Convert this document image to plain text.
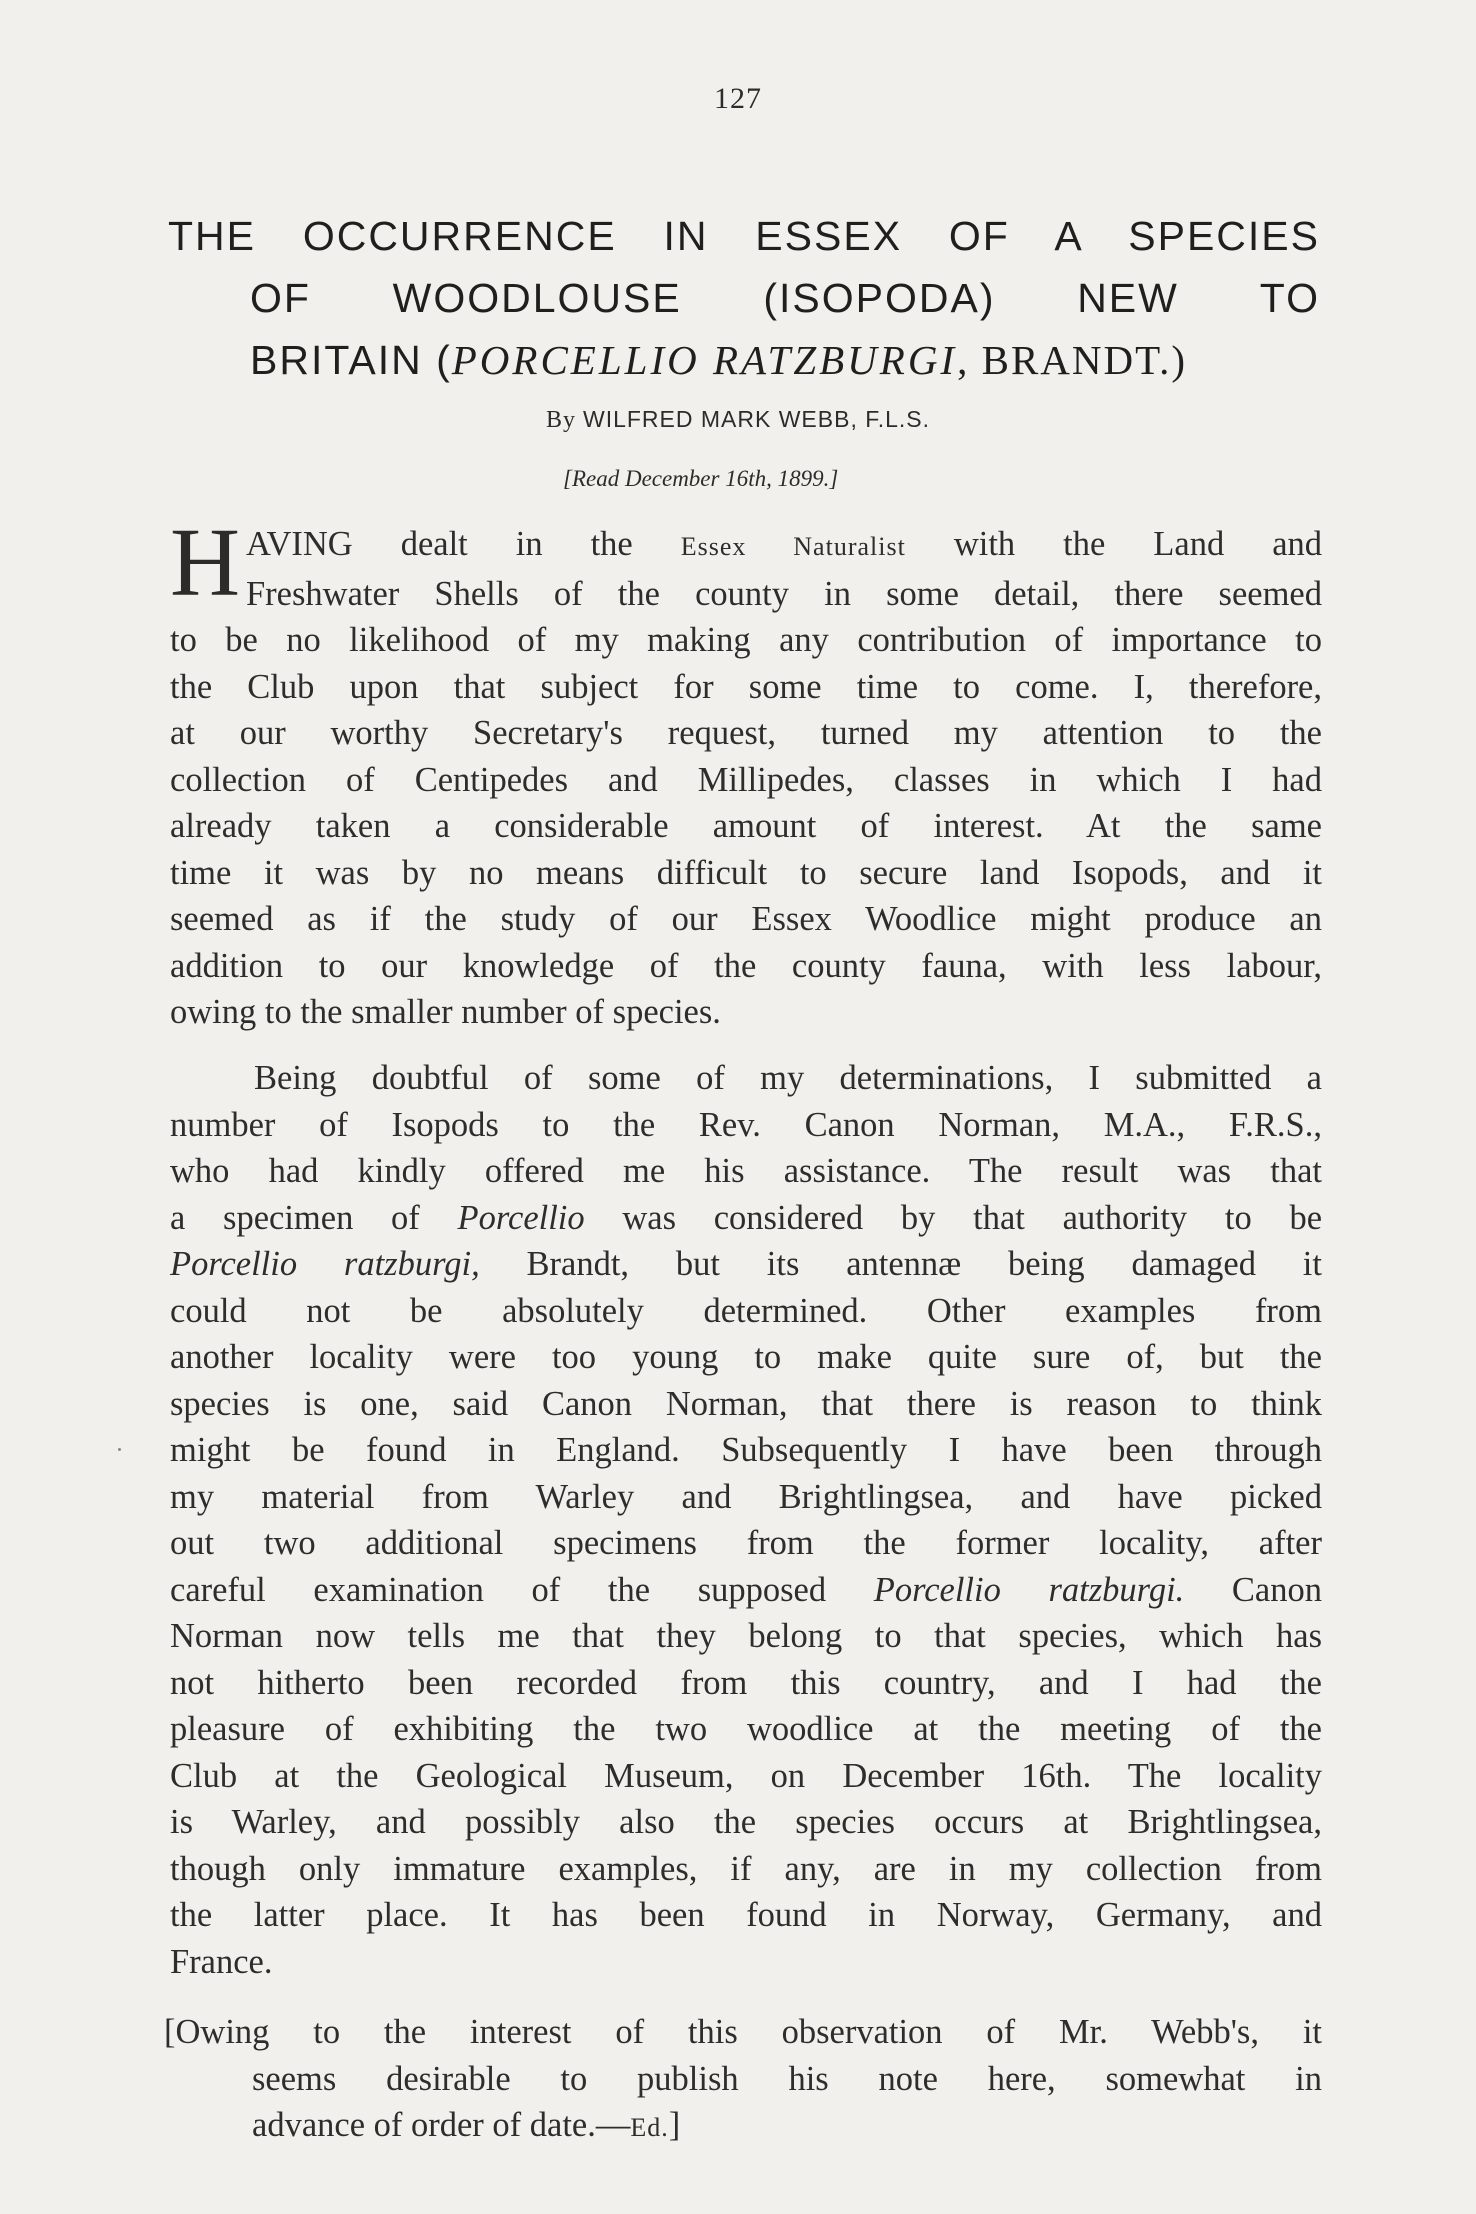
127
THE OCCURRENCE IN ESSEX OF A SPECIES
OF WOODLOUSE (ISOPODA) NEW TO
BRITAIN (PORCELLIO RATZBURGI, BRANDT.)
By WILFRED MARK WEBB, F.L.S.
[Read December 16th, 1899.]
H AVING dealt in the Essex Naturalist with the Land and
Freshwater Shells of the county in some detail, there seemed
to be no likelihood of my making any contribution of importance to
the Club upon that subject for some time to come. I, therefore,
at our worthy Secretary's request, turned my attention to the
collection of Centipedes and Millipedes, classes in which I had
already taken a considerable amount of interest. At the same
time it was by no means difficult to secure land Isopods, and it
seemed as if the study of our Essex Woodlice might produce an
addition to our knowledge of the county fauna, with less labour,
owing to the smaller number of species.
Being doubtful of some of my determinations, I submitted a
number of Isopods to the Rev. Canon Norman, M.A., F.R.S.,
who had kindly offered me his assistance. The result was that
a specimen of Porcellio was considered by that authority to be
Porcellio ratzburgi, Brandt, but its antennæ being damaged it
could not be absolutely determined. Other examples from
another locality were too young to make quite sure of, but the
species is one, said Canon Norman, that there is reason to think
might be found in England. Subsequently I have been through
my material from Warley and Brightlingsea, and have picked
out two additional specimens from the former locality, after
careful examination of the supposed Porcellio ratzburgi. Canon
Norman now tells me that they belong to that species, which has
not hitherto been recorded from this country, and I had the
pleasure of exhibiting the two woodlice at the meeting of the
Club at the Geological Museum, on December 16th. The locality
is Warley, and possibly also the species occurs at Brightlingsea,
though only immature examples, if any, are in my collection from
the latter place. It has been found in Norway, Germany, and
France.
[Owing to the interest of this observation of Mr. Webb's, it
seems desirable to publish his note here, somewhat in
advance of order of date.—Ed.]
